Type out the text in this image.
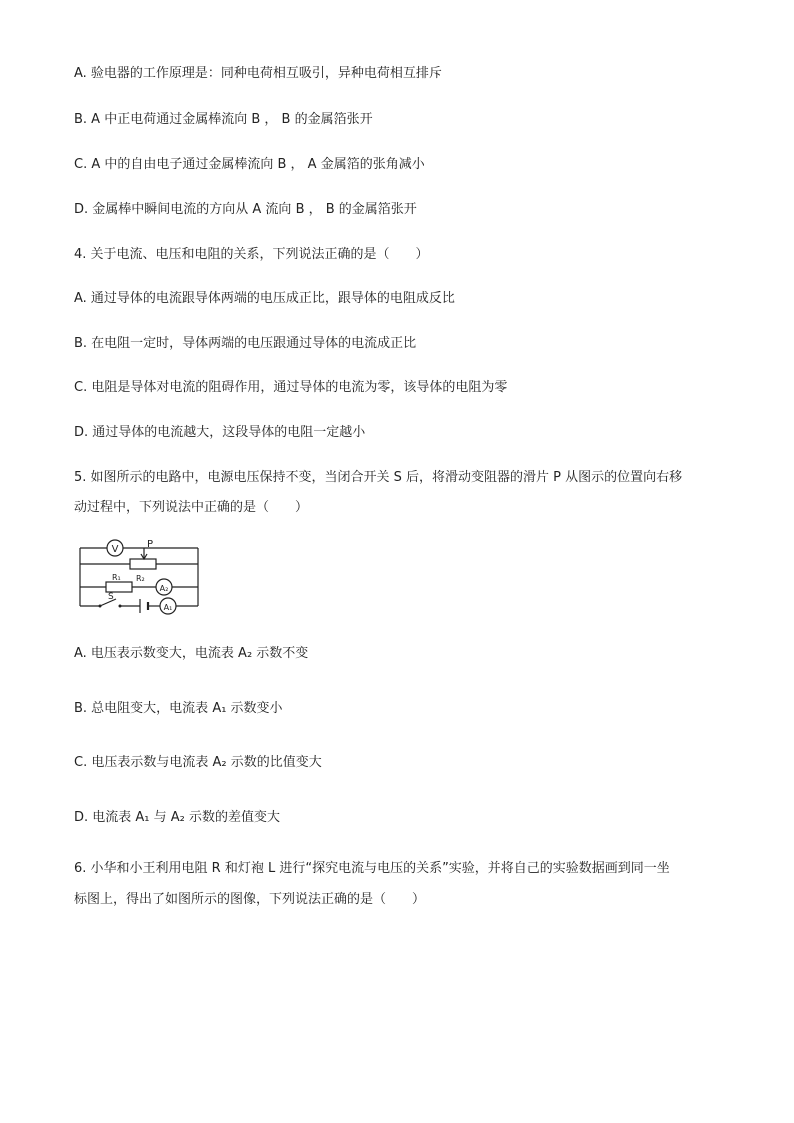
A. 验电器的工作原理是：同种电荷相互吸引，异种电荷相互排斥
B. A 中正电荷通过金属棒流向 B ， B 的金属箔张开
C. A 中的自由电子通过金属棒流向 B ， A 金属箔的张角减小
D. 金属棒中瞬间电流的方向从 A 流向 B ， B 的金属箔张开
4. 关于电流、电压和电阻的关系，下列说法正确的是（　　）
A. 通过导体的电流跟导体两端的电压成正比，跟导体的电阻成反比
B. 在电阻一定时，导体两端的电压跟通过导体的电流成正比
C. 电阻是导体对电流的阻碍作用，通过导体的电流为零，该导体的电阻为零
D. 通过导体的电流越大，这段导体的电阻一定越小
5. 如图所示的电路中，电源电压保持不变，当闭合开关 S 后，将滑动变阻器的滑片 P 从图示的位置向右移
动过程中，下列说法中正确的是（　　）
V	P
R₁ R₂
A₂
S
A₁
A. 电压表示数变大，电流表 A₂ 示数不变
B. 总电阻变大，电流表 A₁ 示数变小
C. 电压表示数与电流表 A₂ 示数的比值变大
D. 电流表 A₁ 与 A₂ 示数的差值变大
6. 小华和小王利用电阻 R 和灯袍 L 进行“探究电流与电压的关系”实验，并将自己的实验数据画到同一坐
标图上，得出了如图所示的图像，下列说法正确的是（　　）
